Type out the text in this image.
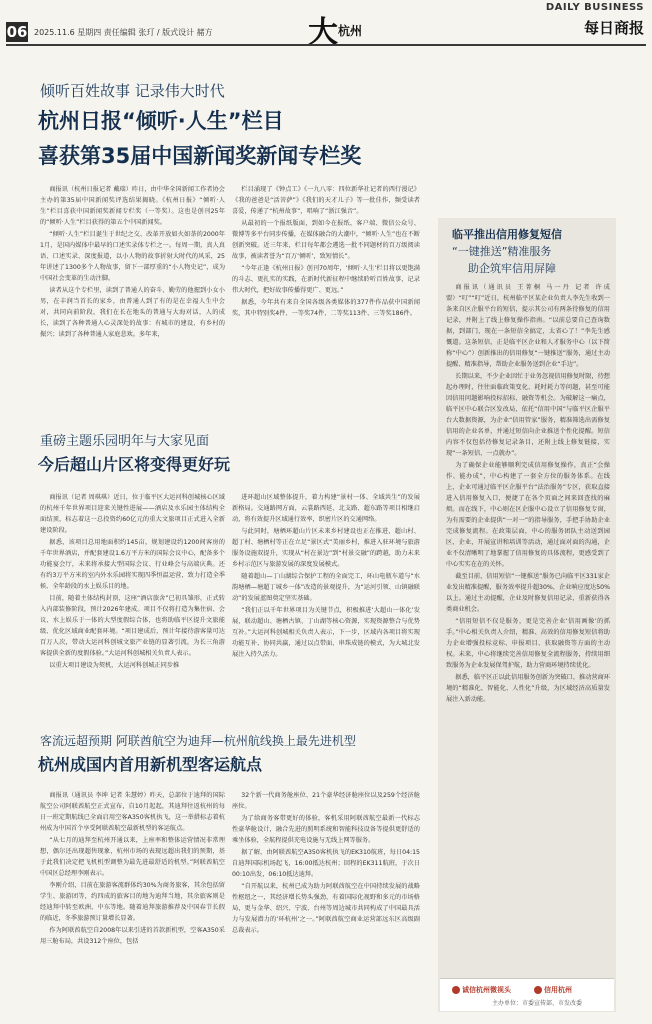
06 2025.11.6 星期四 责任编辑 张玎 / 版式设计 赭方	大 杭州
DAILY BUSINESS
每日商报
倾听百姓故事 记录伟大时代
杭州日报“倾听·人生”栏目
喜获第35届中国新闻奖新闻专栏奖

商报讯（杭州日报记者 戴瑞）昨日，由中华全国新闻工作者协会主办的第35届中国新闻奖评选结果揭晓。《杭州日报》“倾听·人生”栏目喜获中国新闻奖新闻专栏奖（一等奖）。这也是创刊25年的“倾听·人生”栏目获得的第五个中国新闻奖。

“倾听·人生”栏目诞生于世纪之交、改革开放如火如荼的2000年1月，是国内媒体中最早的口述实录体专栏之一。每周一期，真人真语、口述实录、深度报道，以小人物的故事折射大时代的风采，25年讲述了1300多个人物故事，留下一部厚重的“小人物史记”，成为中国社会变革的生动注脚。

读者从这个专栏里，读到了普通人的奋斗、勤劳的他握到小女小男，在丰润当首长的家乡，由普通人到了有的是在幸福人生中会对，共同向前阶段，我们在长在地头的普通与大海对话，人的成长，读到了各种普通人心灵深处的故事：有城市的建设、有乡村的振兴；读到了各种普通人家庭悲欢。多年来，

栏目涌现了《钟点工》《一九八零：四位新华社记者的西行漫记》《我的爸爸是“活菩萨”》《我们的天才儿子》等一批佳作，频受读者喜爱，传递了“杭州故事”，唱响了“浙江强音”。

从最初的一个报纸版面，到如今在报纸、客户端、微信公众号、微博等多平台同步传播，在媒体融合的大潮中，“倾听·人生”也在不断创新突破。近三年来，栏目每年都会遴选一批不同题材的百万级阅读故事，被读者誉为“百万‘倾听’，致短情长”。

“今年正逢《杭州日报》创刊70周年，‘倾听·人生’栏目将以更饱满的斗志、更扎实的实践，在新时代新征程中继续聆听百姓故事，记录伟大时代，把好故事传播得更广、更远。”

据悉，今年共有来自全国各级各类媒体的377件作品获中国新闻奖，其中特别奖4件、一等奖74件、二等奖113件、三等奖186件。

重磅主题乐园明年与大家见面
今后超山片区将变得更好玩

商报讯（记者 周琪琪）近日，位于临平区大运河科创城核心区域的杭州千年世界项目迎来关键性进展——酒店及水乐园主体结构全面结顶，标志着这一总投资约60亿元的重大文旅项目正式进入全新建设阶段。

据悉，该项目总用地面积约145亩，规划建设约1200间客房的千年世界酒店，并配套建设1.6万平方米的国际会议中心，配备多个功能宴会厅，未来将承接大型国际会议、行业峰会与高端庆典。还有约3万平方米的室内外水乐园将实现四季恒温运营，致力打造全季候、全年龄段的水上娱乐目的地。

目前，随着主体结构封顶，这座“酒店旅舍”已初具雏形，正式转入内部装修阶段，预计2026年建成。项目不仅将打造为集住宿、会议、水上娱乐于一体的大型度假综合体，也将助临平区提升文旅能级、优化区域商业配套环境。“项目建成后，预计年接待游客量可达百万人次，带动大运河科创城文旅产业链的显著引流，为长三角游客提供全新的度假体验。”大运河科创城相关负责人表示。

以重大项目建设为契机，大运河科创城正同步推

进环超山区域整体提升，着力构建“景村一体、全域共生”的发展新格局。交通路网方面，云裳路西延、北支路、超东路等项目相继启动，将有效提升区域通行效率，织密片区的交通网络。

与此同时，塘栖环超山片区未来乡村建设也正在推进，超山村、超丁村、塘栖村等正在立足“景区式”美丽乡村，推进入驻环境与旅游服务设施双提升，实现从“村在景边”到“村景交融”的跨越，助力未来乡村示范区与旅游发展的深度发展模式。

随着超山—丁山湖综合保护工程的全面完工，环山电瓶车道与“水韵塘栖—塘超丁城乡一体”改造的景观提升，为“运河引领、山镇融联动”的发展蓝图奠定坚实基础。

“我们正以千年世界项目为关键节点，积极推进‘大超山一体化’发展，联动超山、塘栖古镇、丁山湖等核心资源，实现资源整合与优势互补。”大运河科创城相关负责人表示，下一步，区域内各项目将实现功能互补、协同共赢，通过以点带面、串珠成链的模式，为大城北发展注入持久活力。

客流远超预期 阿联酋航空为迪拜—杭州航线换上最先进机型
杭州成国内首用新机型客运航点

商报讯（通讯员 李坤 记者 朱慧婷）昨天，总部位于迪拜的国际航空公司阿联酋航空正式宣布，自10月起起，其迪拜往返杭州的每日一班定期航线已全面启用空客A350客机执飞，这一举措标志着杭州成为中国首个享受阿联酋航空最新机型的客运航点。

“从七月的迪拜至杭州开通以来，上座率和整体运营情况非常理想，偶尔还出现超售现象，杭州市场的表现远超出我们的预期，基于此我们决定把飞机机型调整为最先进最舒适的机型。”阿联酋航空中国区总经理李刚表示。

李刚介绍，目前在旅游客流群体约30%为商务旅客，其余包括留学生、旅游团等，约四成的旅客目的地为迪拜当地，其余旅客则是经迪拜中转至欧洲、中东等地。随着迪拜旅游推荐及中国春节长假的临近，冬季旅游预订量增长显著。

作为阿联酋航空自2008年以来引进的首款新机型，空客A350采用三舱布局，共设312个座位，包括

32个新一代商务舱座位、21个豪华经济舱座位以及259个经济舱座位。

为了给商务客带更好的体验，客机采用阿联酋航空最新一代标志性豪华舱设计，融合先进的照明系统和智能科技设备等提供更舒适的乘坐体验，全航程提供充电设施与无线上网等服务。

据了解，由阿联酋航空A350客机执飞的EK310航班，每日04:15自迪拜国际机场起飞，16:00抵达杭州；回程的EK311航班，于次日00:10出发，06:10抵达迪拜。

“自开航以来，杭州已成为助力阿联酋航空在中国持续发展的战略性枢纽之一，其经济增长势头强劲，有着国际化视野和多元的市场格局，更与金华、绍兴、宁波、台州等周边城市共同构成了中国最具活力与发展潜力的‘环杭州’之一。”阿联酋航空商业运营部远东区高级副总裁表示。

临平推出信用修复短信
“一键推送”精准服务
助企筑牢信用屏障

商报讯（通讯员 王菁桐 马一丹 记者 许成盟）“叮”“叮”近日，杭州临平区某企业负责人李先生收到一条来自区企服平台的短信，提示其公司有两条待修复的信用记录，并附上了线上修复操作指南。“以前总要自己查询数据，到部门，现在一条短信全搞定，太省心了！”李先生感慨道。这条短信，正是临平区企业和人才服务中心（以下简称“中心”）创新推出的信用修复“一键推送”服务，通过主动提醒、精准指导，帮助企业服务送到企业“手边”。

长期以来，不少企业因忙于业务忽视信用修复时限，待想起办理时，往往面临政策变化、耗时耗力等问题，甚至可能因信用问题影响投标招标、融资等机会。为破解这一痛点，临平区中心联合区发改局，依托“信用中国”与临平区企服平台大数据资源，为企业“信用管家”服务，精准筛选出需修复信用的企业名单，并通过短信向企业推送个性化提醒。短信内容不仅包括待修复记录条目，还附上线上修复链接，实现“一条短信、一点就办”。

为了确保企业能够顺利完成信用修复操作，真正“会操作、能办成”，中心构建了一套全方位的服务体系。在线上，企业可通过临平区企服平台“法治服务”专区，获取直接进入信用修复入口，便捷了在各个页面之间来回查找的麻烦。而在线下，中心则在区企服中心设立了信用修复专窗，为有需要的企业提供“一对一”的指导服务，手把手协助企业完成修复流程。在政策层面，中心的服务团队主动送到园区、企业，开展宣讲和培训等活动，通过面对面的沟通，企业不仅清晰明了地掌握了信用修复的具体流程，更感受到了中心实实在在的关怀。

截至目前，信用短信“一键推送”服务已向临平区331家企业发出精准提醒，服务效率提升超30%，企业响应度达50%以上。通过主动提醒，企业及时修复信用记录，重新获得各类商业机会。

“信用短信不仅是服务，更是完善企业‘信用画像’的抓手。”中心相关负责人介绍，精准、高效的信用修复短信将助力企业增强投标竞标、申报项目、获取融资等方面的主动权。未来，中心将继续完善信用修复全流程服务，持续用细致服务为企业发展保驾护航，助力营商环境持续优化。

据悉，临平区正以此信用服务创新为突破口，推动营商环境的“精准化、智能化、人性化”升级，为区域经济高质量发展注入新动能。

诚信杭州微视头	信用杭州
主办单位：市委宣传部、市发改委
